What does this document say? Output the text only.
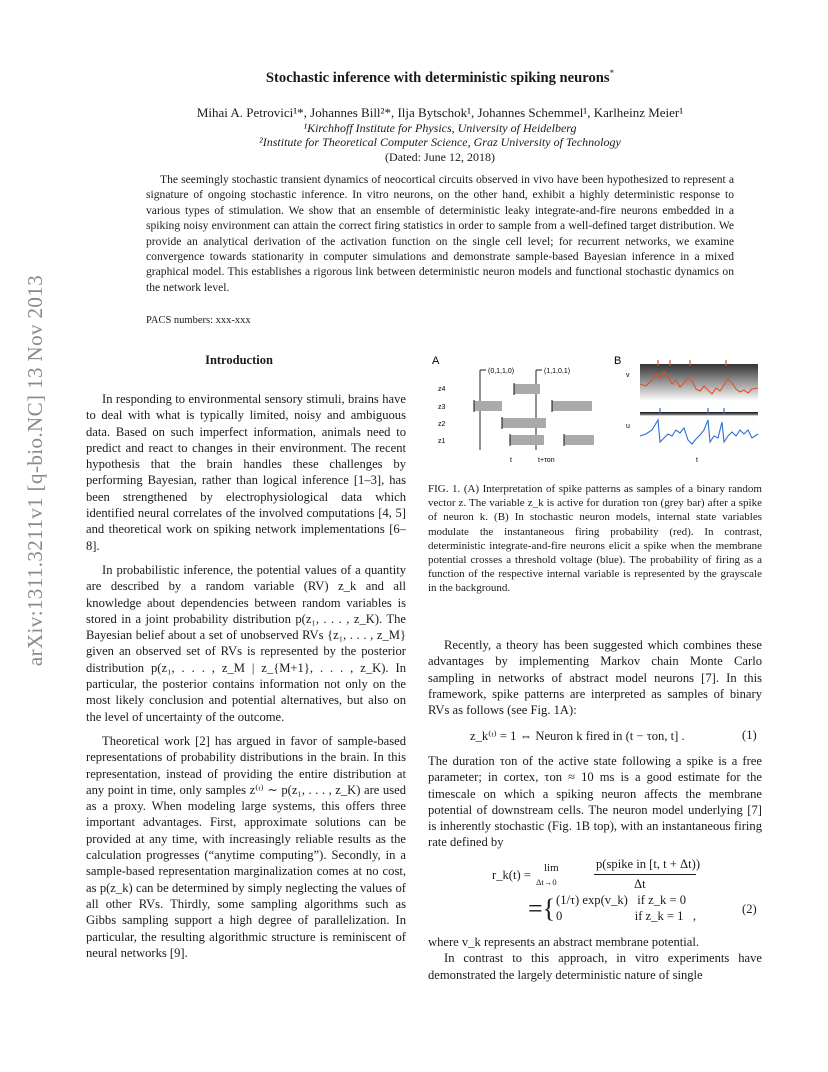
arXiv:1311.3211v1 [q-bio.NC] 13 Nov 2013
Stochastic inference with deterministic spiking neurons*
Mihai A. Petrovici¹*, Johannes Bill²*, Ilja Bytschok¹, Johannes Schemmel¹, Karlheinz Meier¹
¹Kirchhoff Institute for Physics, University of Heidelberg
²Institute for Theoretical Computer Science, Graz University of Technology
(Dated: June 12, 2018)
The seemingly stochastic transient dynamics of neocortical circuits observed in vivo have been hypothesized to represent a signature of ongoing stochastic inference. In vitro neurons, on the other hand, exhibit a highly deterministic response to various types of stimulation. We show that an ensemble of deterministic leaky integrate-and-fire neurons embedded in a spiking noisy environment can attain the correct firing statistics in order to sample from a well-defined target distribution. We provide an analytical derivation of the activation function on the single cell level; for recurrent networks, we examine convergence towards stationarity in computer simulations and demonstrate sample-based Bayesian inference in a mixed graphical model. This establishes a rigorous link between deterministic neuron models and functional stochastic dynamics on the network level.
PACS numbers: xxx-xxx
Introduction

In responding to environmental sensory stimuli, brains have to deal with what is typically limited, noisy and ambiguous data. Based on such imperfect information, animals need to predict and react to changes in their environment. The recent hypothesis that the brain handles these challenges by performing Bayesian, rather than logical inference [1–3], has been strengthened by electrophysiological data which identified neural correlates of the involved computations [4, 5] and theoretical work on spiking network implementations [6–8].

In probabilistic inference, the potential values of a quantity are described by a random variable (RV) z_k and all knowledge about dependencies between random variables is stored in a joint probability distribution p(z₁, . . . , z_K). The Bayesian belief about a set of unobserved RVs {z₁, . . . , z_M} given an observed set of RVs is represented by the posterior distribution p(z₁, . . . , z_M | z_{M+1}, . . . , z_K). In particular, the posterior contains information not only on the most likely conclusion and potential alternatives, but also on the level of uncertainty of the outcome.

Theoretical work [2] has argued in favor of sample-based representations of probability distributions in the brain. In this representation, instead of providing the entire distribution at any point in time, only samples z⁽ᵗ⁾ ∼ p(z₁, . . . , z_K) are used as a proxy. When modeling large systems, this offers three important advantages. First, approximate solutions can be provided at any time, with increasingly reliable results as the calculation progresses (“anytime computing”). Secondly, in a sample-based representation marginalization comes at no cost, as p(z_k) can be determined by simply neglecting the values of all other RVs. Thirdly, some sampling algorithms such as Gibbs sampling support a high degree of parallelization. In particular, the resulting algorithmic structure is reminiscent of neural networks [9].

A	B
(0,1,1,0)	(1,1,0,1)
z4
z3
z2
z1
t	t+τon
v
u
t
FIG. 1. (A) Interpretation of spike patterns as samples of a binary random vector z. The variable z_k is active for duration τon (grey bar) after a spike of neuron k. (B) In stochastic neuron models, internal state variables modulate the instantaneous firing probability (red). In contrast, deterministic integrate-and-fire neurons elicit a spike when the membrane potential crosses a threshold voltage (blue). The probability of firing as a function of the respective internal variable is represented by the grayscale in the background.

Recently, a theory has been suggested which combines these advantages by implementing Markov chain Monte Carlo sampling in networks of abstract model neurons [7]. In this framework, spike patterns are interpreted as samples of binary RVs as follows (see Fig. 1A):

z_k⁽ᵗ⁾ = 1 ⇔ Neuron k fired in (t − τon, t] .	(1)

The duration τon of the active state following a spike is a free parameter; in cortex, τon ≈ 10 ms is a good estimate for the timescale on which a spiking neuron affects the membrane potential of downstream cells. The neuron model underlying [7] is inherently stochastic (Fig. 1B top), with an instantaneous firing rate defined by

r_k(t) = lim
Δt→0
p(spike in [t, t + Δt))
Δt
={ (1/τ) exp(v_k)   if z_k = 0
0                       if z_k = 1   ,	(2)

where v_k represents an abstract membrane potential.

In contrast to this approach, in vitro experiments have demonstrated the largely deterministic nature of single
